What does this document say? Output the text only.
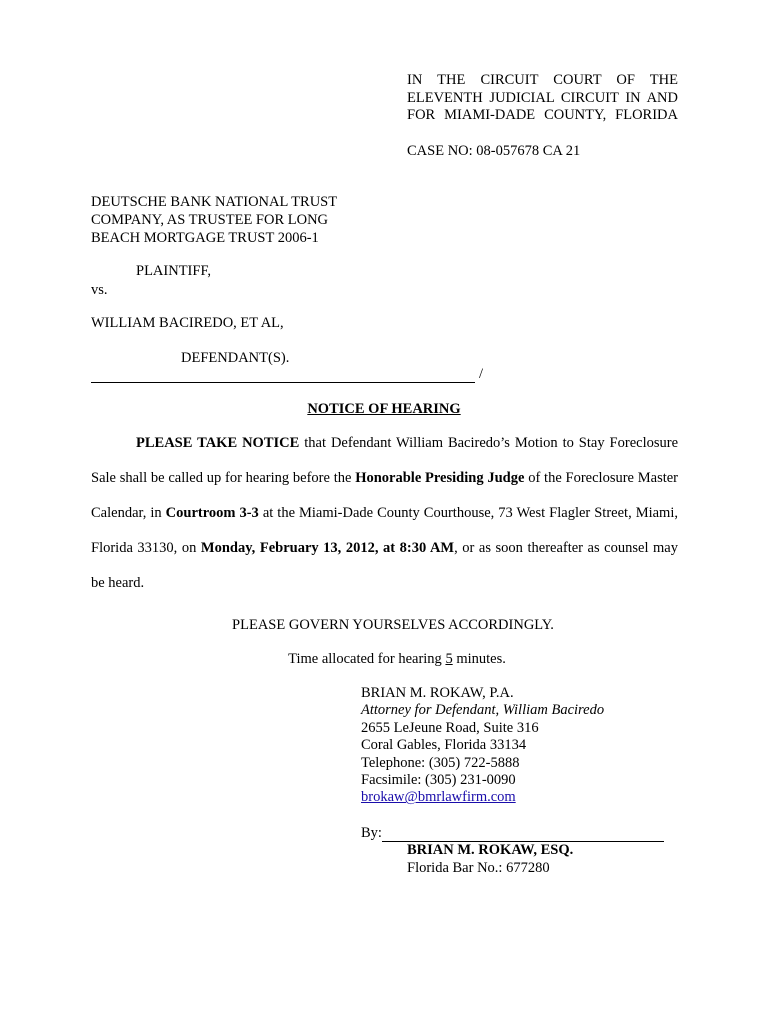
IN THE CIRCUIT COURT OF THE
ELEVENTH JUDICIAL CIRCUIT IN AND
FOR MIAMI-DADE COUNTY, FLORIDA
CASE NO: 08-057678 CA 21
DEUTSCHE BANK NATIONAL TRUST
COMPANY, AS TRUSTEE FOR LONG
BEACH MORTGAGE TRUST 2006-1
PLAINTIFF,
vs.
WILLIAM BACIREDO, ET AL,
DEFENDANT(S).
/
NOTICE OF HEARING
PLEASE TAKE NOTICE that Defendant William Baciredo’s Motion to Stay Foreclosure Sale shall be called up for hearing before the Honorable Presiding Judge of the Foreclosure Master Calendar, in Courtroom 3-3 at the Miami-Dade County Courthouse, 73 West Flagler Street, Miami, Florida 33130, on Monday, February 13, 2012, at 8:30 AM, or as soon thereafter as counsel may be heard.
PLEASE GOVERN YOURSELVES ACCORDINGLY.
Time allocated for hearing 5 minutes.
BRIAN M. ROKAW, P.A.
Attorney for Defendant, William Baciredo
2655 LeJeune Road, Suite 316
Coral Gables, Florida 33134
Telephone: (305) 722-5888
Facsimile: (305) 231-0090
brokaw@bmrlawfirm.com
By:
BRIAN M. ROKAW, ESQ.
Florida Bar No.: 677280
